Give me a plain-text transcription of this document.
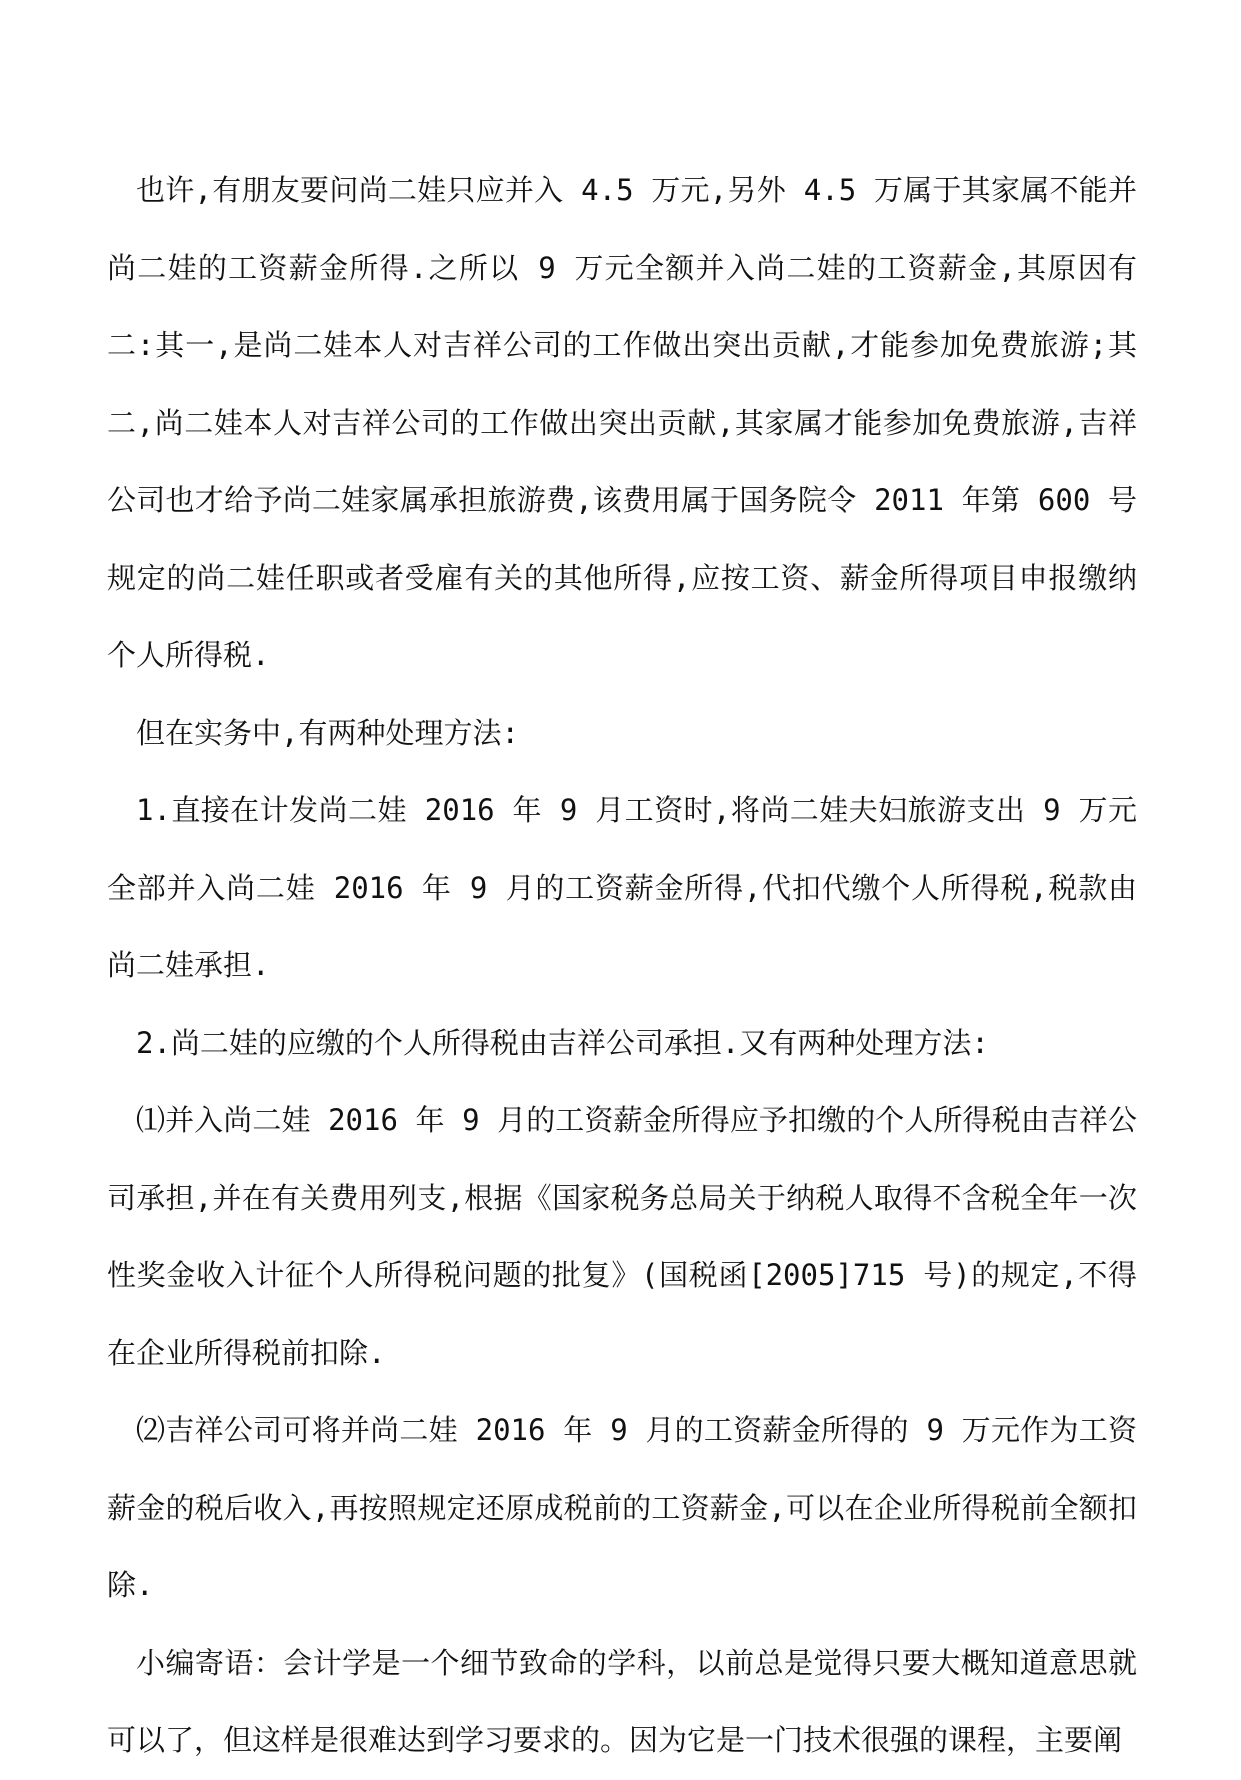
也许,有朋友要问尚二娃只应并入 4.5 万元,另外 4.5 万属于其家属不能并尚二娃的工资薪金所得.之所以 9 万元全额并入尚二娃的工资薪金,其原因有二:其一,是尚二娃本人对吉祥公司的工作做出突出贡献,才能参加免费旅游;其二,尚二娃本人对吉祥公司的工作做出突出贡献,其家属才能参加免费旅游,吉祥公司也才给予尚二娃家属承担旅游费,该费用属于国务院令 2011 年第 600 号规定的尚二娃任职或者受雇有关的其他所得,应按工资、薪金所得项目申报缴纳个人所得税.

但在实务中,有两种处理方法:

1.直接在计发尚二娃 2016 年 9 月工资时,将尚二娃夫妇旅游支出 9 万元全部并入尚二娃 2016 年 9 月的工资薪金所得,代扣代缴个人所得税,税款由尚二娃承担.

2.尚二娃的应缴的个人所得税由吉祥公司承担.又有两种处理方法:

⑴并入尚二娃 2016 年 9 月的工资薪金所得应予扣缴的个人所得税由吉祥公司承担,并在有关费用列支,根据《国家税务总局关于纳税人取得不含税全年一次性奖金收入计征个人所得税问题的批复》(国税函[2005]715 号)的规定,不得在企业所得税前扣除.

⑵吉祥公司可将并尚二娃 2016 年 9 月的工资薪金所得的 9 万元作为工资薪金的税后收入,再按照规定还原成税前的工资薪金,可以在企业所得税前全额扣除.

小编寄语：会计学是一个细节致命的学科，以前总是觉得只要大概知道意思就可以了，但这样是很难达到学习要求的。因为它是一门技术很强的课程，主要阐
